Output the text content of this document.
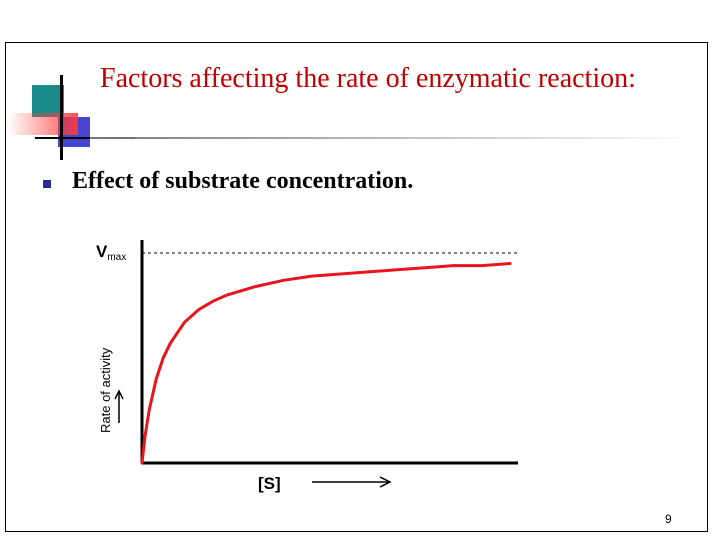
Factors affecting the rate of enzymatic reaction:
Effect of substrate concentration.
Vmax
Rate of activity
[S]
9
